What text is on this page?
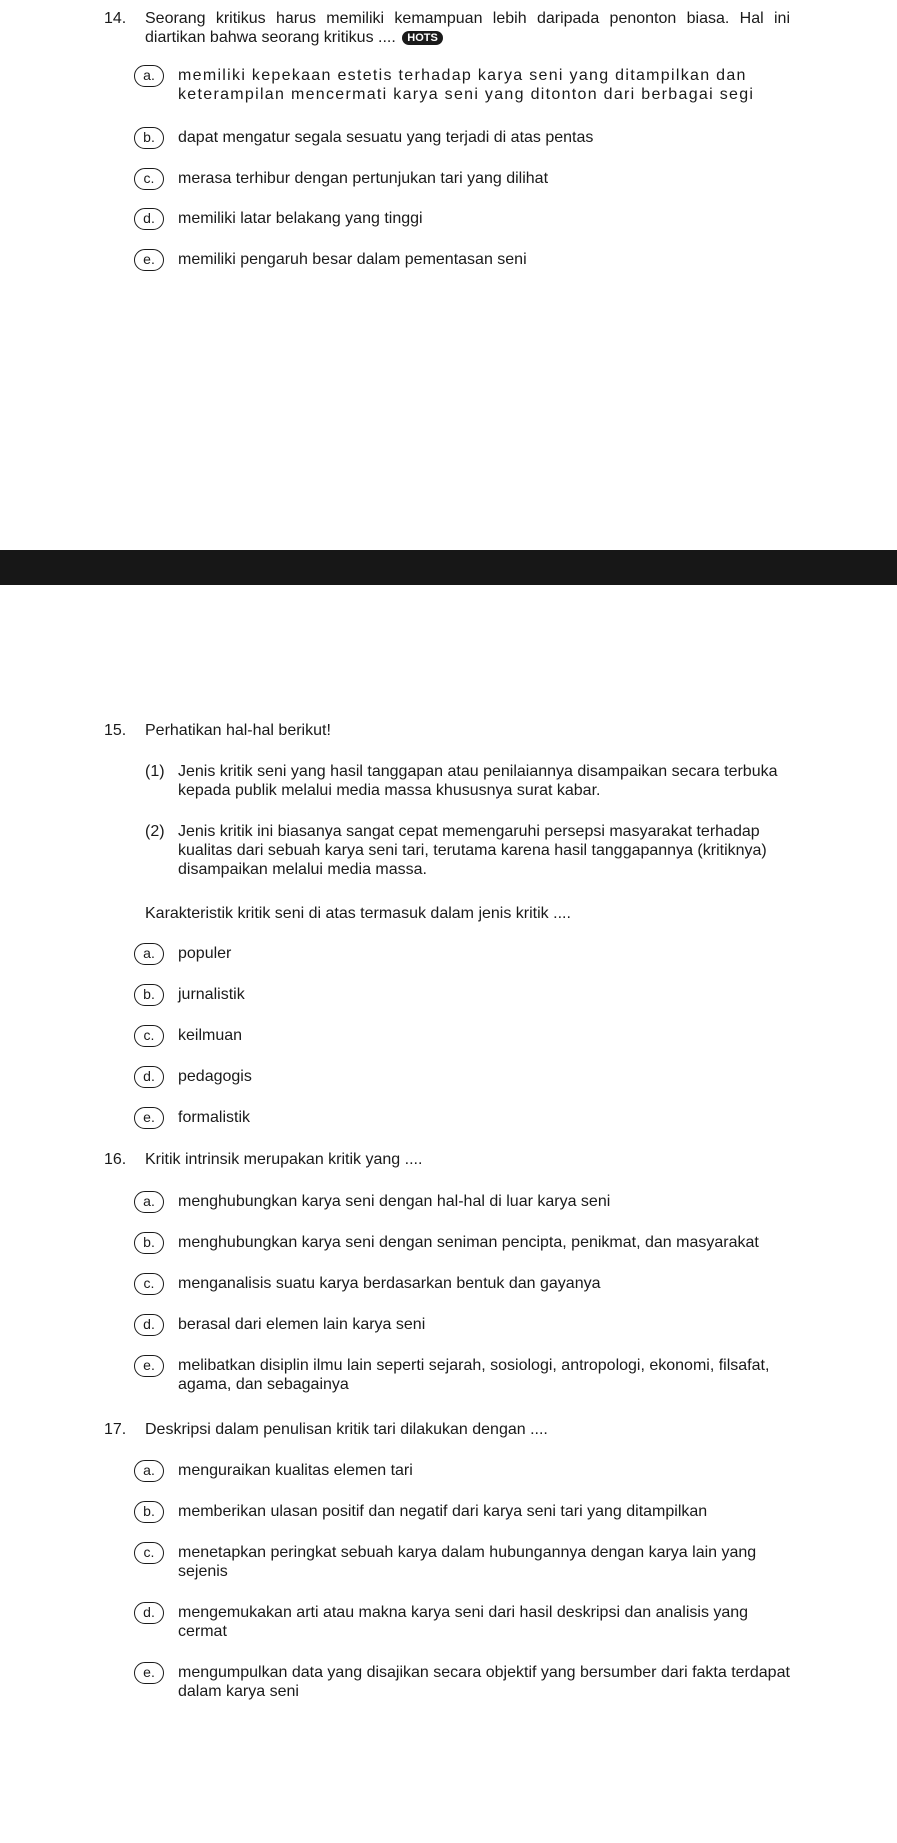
14. Seorang kritikus harus memiliki kemampuan lebih daripada penonton biasa. Hal ini diartikan bahwa seorang kritikus .... HOTS
a.	memiliki kepekaan estetis terhadap karya seni yang ditampilkan dan keterampilan mencermati karya seni yang ditonton dari berbagai segi
b.	dapat mengatur segala sesuatu yang terjadi di atas pentas
c.	merasa terhibur dengan pertunjukan tari yang dilihat
d.	memiliki latar belakang yang tinggi
e.	memiliki pengaruh besar dalam pementasan seni
15. Perhatikan hal-hal berikut!
(1) Jenis kritik seni yang hasil tanggapan atau penilaiannya disampaikan secara terbuka kepada publik melalui media massa khususnya surat kabar.
(2) Jenis kritik ini biasanya sangat cepat memengaruhi persepsi masyarakat terhadap kualitas dari sebuah karya seni tari, terutama karena hasil tanggapannya (kritiknya) disampaikan melalui media massa.
Karakteristik kritik seni di atas termasuk dalam jenis kritik ....
a.	populer
b.	jurnalistik
c.	keilmuan
d.	pedagogis
e.	formalistik
16. Kritik intrinsik merupakan kritik yang ....
a.	menghubungkan karya seni dengan hal-hal di luar karya seni
b.	menghubungkan karya seni dengan seniman pencipta, penikmat, dan masyarakat
c.	menganalisis suatu karya berdasarkan bentuk dan gayanya
d.	berasal dari elemen lain karya seni
e.	melibatkan disiplin ilmu lain seperti sejarah, sosiologi, antropologi, ekonomi, filsafat, agama, dan sebagainya
17. Deskripsi dalam penulisan kritik tari dilakukan dengan ....
a.	menguraikan kualitas elemen tari
b.	memberikan ulasan positif dan negatif dari karya seni tari yang ditampilkan
c.	menetapkan peringkat sebuah karya dalam hubungannya dengan karya lain yang sejenis
d.	mengemukakan arti atau makna karya seni dari hasil deskripsi dan analisis yang cermat
e.	mengumpulkan data yang disajikan secara objektif yang bersumber dari fakta terdapat dalam karya seni
